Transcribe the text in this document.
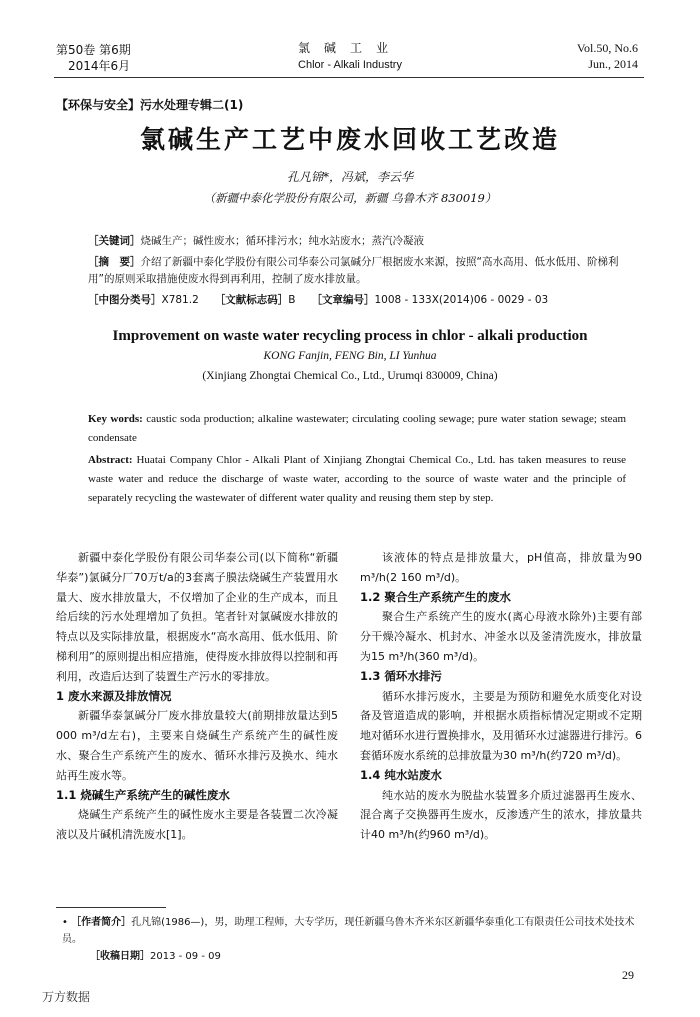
第50卷 第6期
2014年6月
氯碱工业
Chlor - Alkali Industry
Vol.50, No.6
Jun., 2014
【环保与安全】污水处理专辑二(1)
氯碱生产工艺中废水回收工艺改造
孔凡锦*，冯斌，李云华
（新疆中泰化学股份有限公司，新疆 乌鲁木齐 830019）
［关键词］烧碱生产；碱性废水；循环排污水；纯水站废水；蒸汽冷凝液
［摘　要］介绍了新疆中泰化学股份有限公司华泰公司氯碱分厂根据废水来源，按照“高水高用、低水低用、阶梯利用”的原则采取措施使废水得到再利用，控制了废水排放量。
［中图分类号］X781.2 ［文献标志码］B ［文章编号］1008 - 133X(2014)06 - 0029 - 03
Improvement on waste water recycling process in chlor - alkali production
KONG Fanjin, FENG Bin, LI Yunhua
(Xinjiang Zhongtai Chemical Co., Ltd., Urumqi 830009, China)
Key words: caustic soda production; alkaline wastewater; circulating cooling sewage; pure water station sewage; steam condensate
Abstract: Huatai Company Chlor - Alkali Plant of Xinjiang Zhongtai Chemical Co., Ltd. has taken measures to reuse waste water and reduce the discharge of waste water, according to the source of waste water and the principle of separately recycling the wastewater of different water quality and reusing them step by step.

新疆中泰化学股份有限公司华泰公司(以下简称“新疆华泰”)氯碱分厂70万t/a的3套离子膜法烧碱生产装置用水量大、废水排放量大，不仅增加了企业的生产成本，而且给后续的污水处理增加了负担。笔者针对氯碱废水排放的特点以及实际排放量，根据废水“高水高用、低水低用、阶梯利用”的原则提出相应措施，使得废水排放得以控制和再利用，改造后达到了装置生产污水的零排放。

1 废水来源及排放情况

新疆华泰氯碱分厂废水排放量较大(前期排放量达到5 000 m³/d左右)，主要来自烧碱生产系统产生的碱性废水、聚合生产系统产生的废水、循环水排污及换水、纯水站再生废水等。

1.1 烧碱生产系统产生的碱性废水

烧碱生产系统产生的碱性废水主要是各装置二次冷凝液以及片碱机清洗废水[1]。

该液体的特点是排放量大，pH值高，排放量为90 m³/h(2 160 m³/d)。

1.2 聚合生产系统产生的废水

聚合生产系统产生的废水(离心母液水除外)主要有部分干燥冷凝水、机封水、冲釜水以及釜清洗废水，排放量为15 m³/h(360 m³/d)。

1.3 循环水排污

循环水排污废水，主要是为预防和避免水质变化对设备及管道造成的影响，并根据水质指标情况定期或不定期地对循环水进行置换排水，及用循环水过滤器进行排污。6套循环废水系统的总排放量为30 m³/h(约720 m³/d)。

1.4 纯水站废水

纯水站的废水为脱盐水装置多介质过滤器再生废水、混合离子交换器再生废水，反渗透产生的浓水，排放量共计40 m³/h(约960 m³/d)。

• ［作者简介］孔凡锦(1986—)，男，助理工程师，大专学历，现任新疆乌鲁木齐米东区新疆华泰重化工有限责任公司技术处技术员。
［收稿日期］2013 - 09 - 09
29
万方数据
